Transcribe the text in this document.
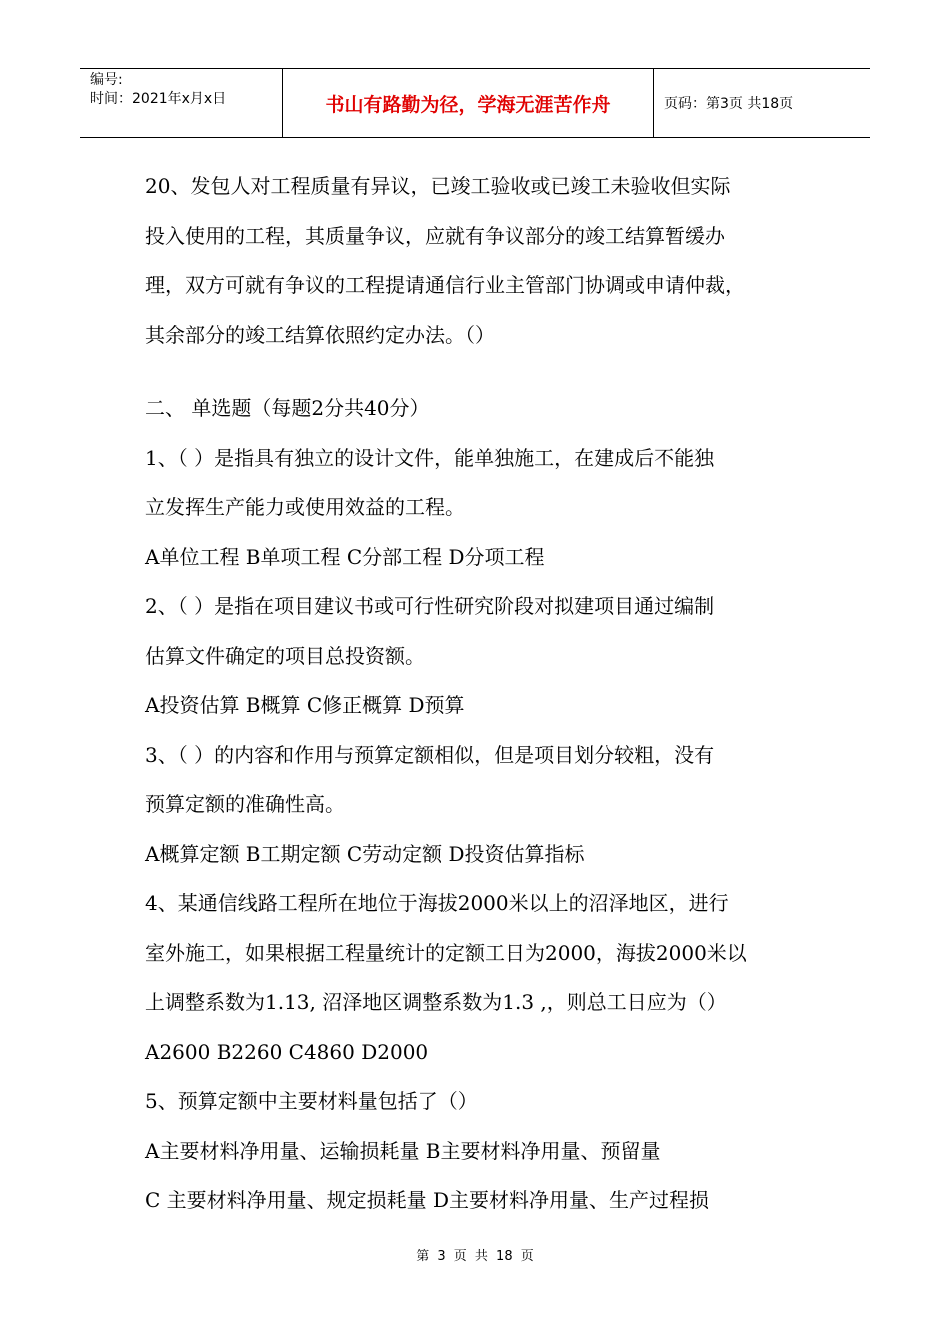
编号:
时间：2021年x月x日	书山有路勤为径，学海无涯苦作舟	页码：第3页 共18页

20、发包人对工程质量有异议，已竣工验收或已竣工未验收但实际

投入使用的工程，其质量争议，应就有争议部分的竣工结算暂缓办

理，双方可就有争议的工程提请通信行业主管部门协调或申请仲裁，

其余部分的竣工结算依照约定办法。（）

二、 单选题（每题2分共40分）

1、（ ）是指具有独立的设计文件，能单独施工，在建成后不能独

立发挥生产能力或使用效益的工程。

A单位工程 B单项工程 C分部工程 D分项工程

2、（ ）是指在项目建议书或可行性研究阶段对拟建项目通过编制

估算文件确定的项目总投资额。

A投资估算 B概算 C修正概算 D预算

3、（ ）的内容和作用与预算定额相似，但是项目划分较粗，没有

预算定额的准确性高。

A概算定额 B工期定额 C劳动定额 D投资估算指标

4、某通信线路工程所在地位于海拔2000米以上的沼泽地区，进行

室外施工，如果根据工程量统计的定额工日为2000，海拔2000米以

上调整系数为1.13, 沼泽地区调整系数为1.3 ,，则总工日应为（）

A2600 B2260 C4860 D2000

5、预算定额中主要材料量包括了（）

A主要材料净用量、运输损耗量 B主要材料净用量、预留量

C 主要材料净用量、规定损耗量 D主要材料净用量、生产过程损

第 3 页 共 18 页
